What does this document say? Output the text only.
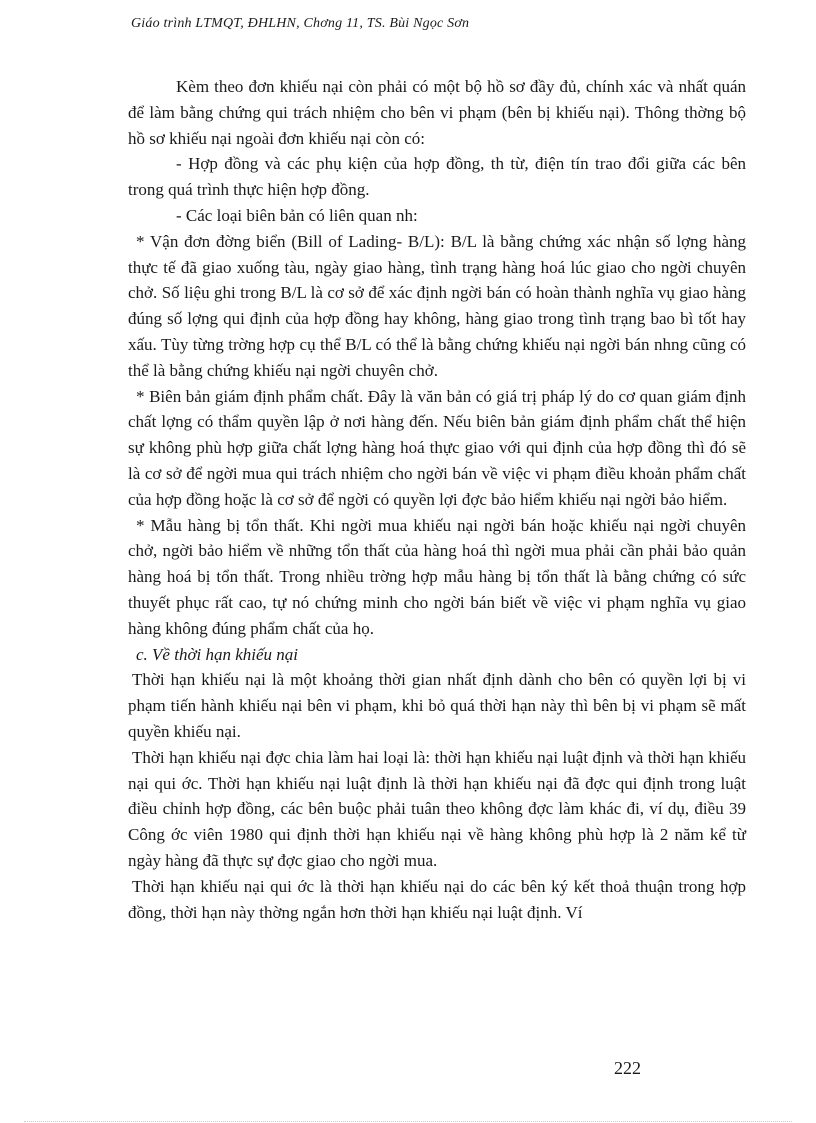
Giáo trình LTMQT, ĐHLHN, Chơng 11, TS. Bùi Ngọc Sơn

Kèm theo đơn khiếu nại còn phải có một bộ hồ sơ đầy đủ, chính xác và nhất quán để làm bằng chứng qui trách nhiệm cho bên vi phạm (bên bị khiếu nại). Thông thờng bộ hồ sơ khiếu nại ngoài đơn khiếu nại còn có:

- Hợp đồng và các phụ kiện của hợp đồng, th từ, điện tín trao đổi giữa các bên trong quá trình thực hiện hợp đồng.

- Các loại biên bản có liên quan nh:

* Vận đơn đờng biển (Bill of Lading- B/L): B/L là bằng chứng xác nhận số lợng hàng thực tế đã giao xuống tàu, ngày giao hàng, tình trạng hàng hoá lúc giao cho ngời chuyên chở. Số liệu ghi trong B/L là cơ sở để xác định ngời bán có hoàn thành nghĩa vụ giao hàng đúng số lợng qui định của hợp đồng hay không, hàng giao trong tình trạng bao bì tốt hay xấu. Tùy từng trờng hợp cụ thể B/L có thể là bằng chứng khiếu nại ngời bán nhng cũng có thể là bằng chứng khiếu nại ngời chuyên chở.

* Biên bản giám định phẩm chất. Đây là văn bản có giá trị pháp lý do cơ quan giám định chất lợng có thẩm quyền lập ở nơi hàng đến. Nếu biên bản giám định phẩm chất thể hiện sự không phù hợp giữa chất lợng hàng hoá thực giao với qui định của hợp đồng thì đó sẽ là cơ sở để ngời mua qui trách nhiệm cho ngời bán về việc vi phạm điều khoản phẩm chất của hợp đồng hoặc là cơ sở để ngời có quyền lợi đợc bảo hiểm khiếu nại ngời bảo hiểm.

* Mẫu hàng bị tổn thất. Khi ngời mua khiếu nại ngời bán hoặc khiếu nại ngời chuyên chở, ngời bảo hiểm về những tổn thất của hàng hoá thì ngời mua phải cần phải bảo quản hàng hoá bị tổn thất. Trong nhiều trờng hợp mẫu hàng bị tổn thất là bằng chứng có sức thuyết phục rất cao, tự nó chứng minh cho ngời bán biết về việc vi phạm nghĩa vụ giao hàng không đúng phẩm chất của họ.

c. Về thời hạn khiếu nại

Thời hạn khiếu nại là một khoảng thời gian nhất định dành cho bên có quyền lợi bị vi phạm tiến hành khiếu nại bên vi phạm, khi bỏ quá thời hạn này thì bên bị vi phạm sẽ mất quyền khiếu nại.

Thời hạn khiếu nại đợc chia làm hai loại là: thời hạn khiếu nại luật định và thời hạn khiếu nại qui ớc. Thời hạn khiếu nại luật định là thời hạn khiếu nại đã đợc qui định trong luật điều chỉnh hợp đồng, các bên buộc phải tuân theo không đợc làm khác đi, ví dụ, điều 39 Công ớc viên 1980 qui định thời hạn khiếu nại về hàng không phù hợp là 2 năm kể từ ngày hàng đã thực sự đợc giao cho ngời mua.

Thời hạn khiếu nại qui ớc là thời hạn khiếu nại do các bên ký kết thoả thuận trong hợp đồng, thời hạn này thờng ngắn hơn thời hạn khiếu nại luật định. Ví

222
